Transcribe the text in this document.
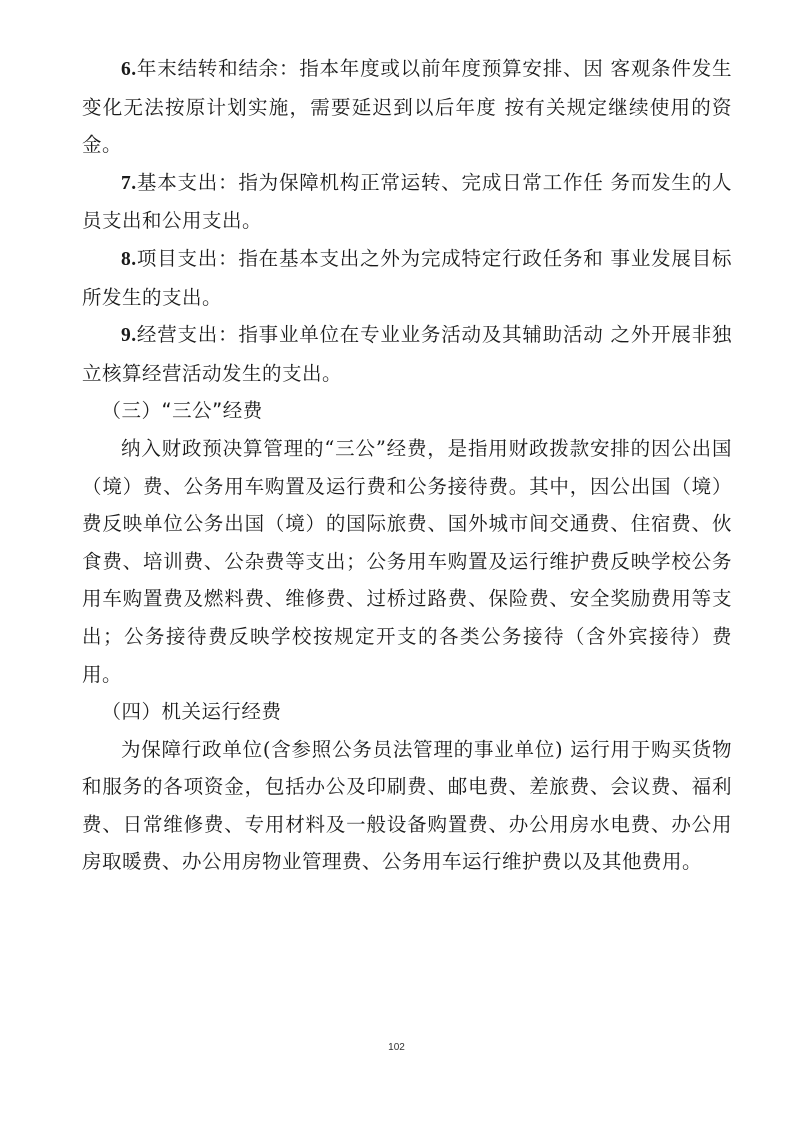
6.年末结转和结余：指本年度或以前年度预算安排、因 客观条件发生变化无法按原计划实施，需要延迟到以后年度 按有关规定继续使用的资金。

7.基本支出：指为保障机构正常运转、完成日常工作任 务而发生的人员支出和公用支出。

8.项目支出：指在基本支出之外为完成特定行政任务和 事业发展目标所发生的支出。

9.经营支出：指事业单位在专业业务活动及其辅助活动 之外开展非独立核算经营活动发生的支出。

（三）“三公”经费

纳入财政预决算管理的“三公”经费，是指用财政拨款安排的因公出国（境）费、公务用车购置及运行费和公务接待费。其中，因公出国（境）费反映单位公务出国（境）的国际旅费、国外城市间交通费、住宿费、伙食费、培训费、公杂费等支出；公务用车购置及运行维护费反映学校公务用车购置费及燃料费、维修费、过桥过路费、保险费、安全奖励费用等支出；公务接待费反映学校按规定开支的各类公务接待（含外宾接待）费用。

（四）机关运行经费

为保障行政单位(含参照公务员法管理的事业单位) 运行用于购买货物和服务的各项资金，包括办公及印刷费、邮电费、差旅费、会议费、福利费、日常维修费、专用材料及一般设备购置费、办公用房水电费、办公用房取暖费、办公用房物业管理费、公务用车运行维护费以及其他费用。

102
